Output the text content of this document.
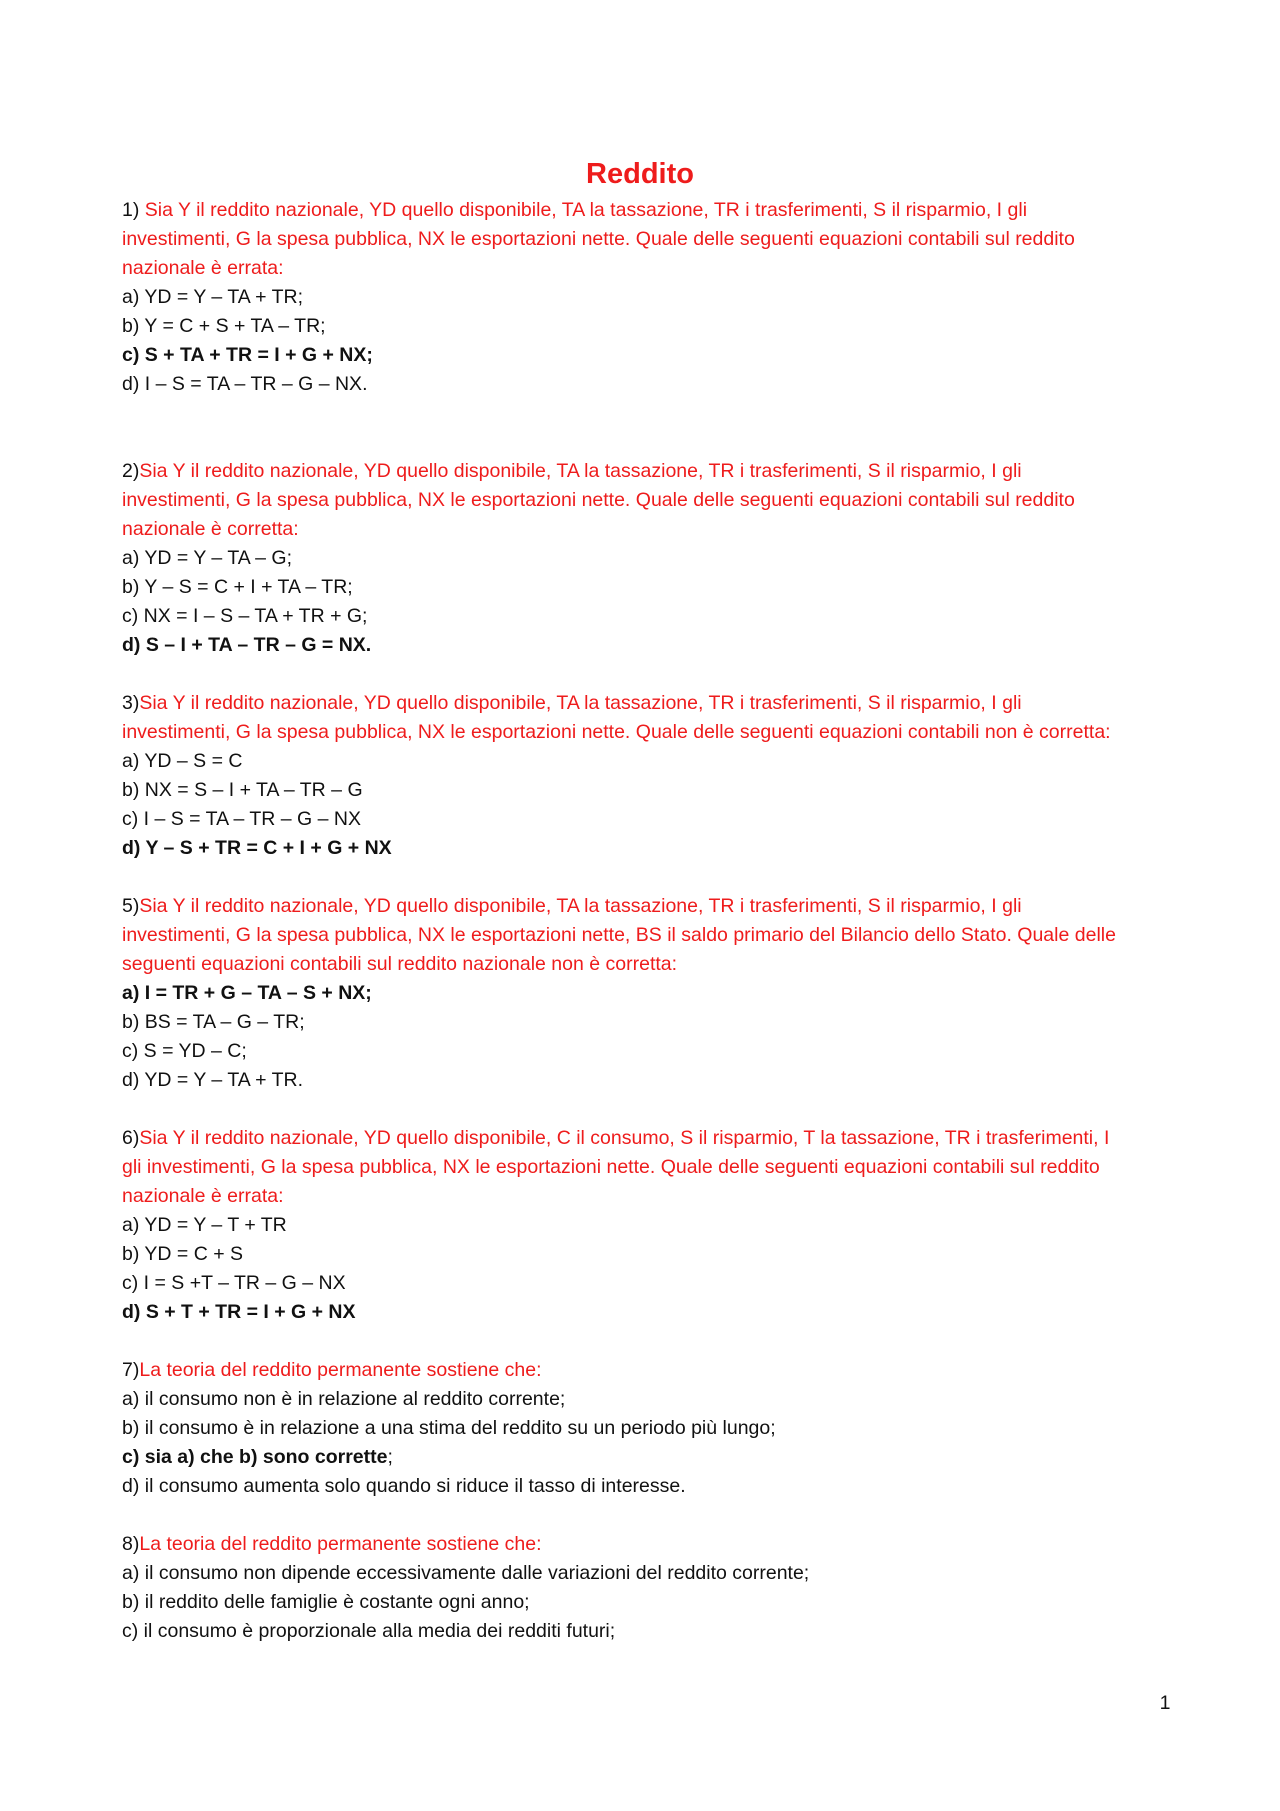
Reddito
1) Sia Y il reddito nazionale, YD quello disponibile, TA la tassazione, TR i trasferimenti, S il risparmio, I gli investimenti, G la spesa pubblica, NX le esportazioni nette. Quale delle seguenti equazioni contabili sul reddito nazionale è errata:
a) YD = Y – TA + TR;
b) Y = C + S + TA – TR;
c) S + TA + TR = I + G + NX;
d) I – S = TA – TR – G – NX.
2)Sia Y il reddito nazionale, YD quello disponibile, TA la tassazione, TR i trasferimenti, S il risparmio, I gli investimenti, G la spesa pubblica, NX le esportazioni nette. Quale delle seguenti equazioni contabili sul reddito nazionale è corretta:
a) YD = Y – TA – G;
b) Y – S = C + I + TA – TR;
c) NX = I – S – TA + TR + G;
d) S – I + TA – TR – G = NX.
3)Sia Y il reddito nazionale, YD quello disponibile, TA la tassazione, TR i trasferimenti, S il risparmio, I gli investimenti, G la spesa pubblica, NX le esportazioni nette. Quale delle seguenti equazioni contabili non è corretta:
a) YD – S = C
b) NX = S – I + TA – TR – G
c) I – S = TA – TR – G – NX
d) Y – S + TR = C + I + G + NX
5)Sia Y il reddito nazionale, YD quello disponibile, TA la tassazione, TR i trasferimenti, S il risparmio, I gli investimenti, G la spesa pubblica, NX le esportazioni nette, BS il saldo primario del Bilancio dello Stato. Quale delle seguenti equazioni contabili sul reddito nazionale non è corretta:
a) I = TR + G – TA – S + NX;
b) BS = TA – G – TR;
c) S = YD – C;
d) YD = Y – TA + TR.
6)Sia Y il reddito nazionale, YD quello disponibile, C il consumo, S il risparmio, T la tassazione, TR i trasferimenti, I gli investimenti, G la spesa pubblica, NX le esportazioni nette. Quale delle seguenti equazioni contabili sul reddito nazionale è errata:
a) YD = Y – T + TR
b) YD = C + S
c) I = S +T – TR – G – NX
d) S + T + TR = I + G + NX
7)La teoria del reddito permanente sostiene che:
a) il consumo non è in relazione al reddito corrente;
b) il consumo è in relazione a una stima del reddito su un periodo più lungo;
c) sia a) che b) sono corrette;
d) il consumo aumenta solo quando si riduce il tasso di interesse.
8)La teoria del reddito permanente sostiene che:
a) il consumo non dipende eccessivamente dalle variazioni del reddito corrente;
b) il reddito delle famiglie è costante ogni anno;
c) il consumo è proporzionale alla media dei redditi futuri;
1
